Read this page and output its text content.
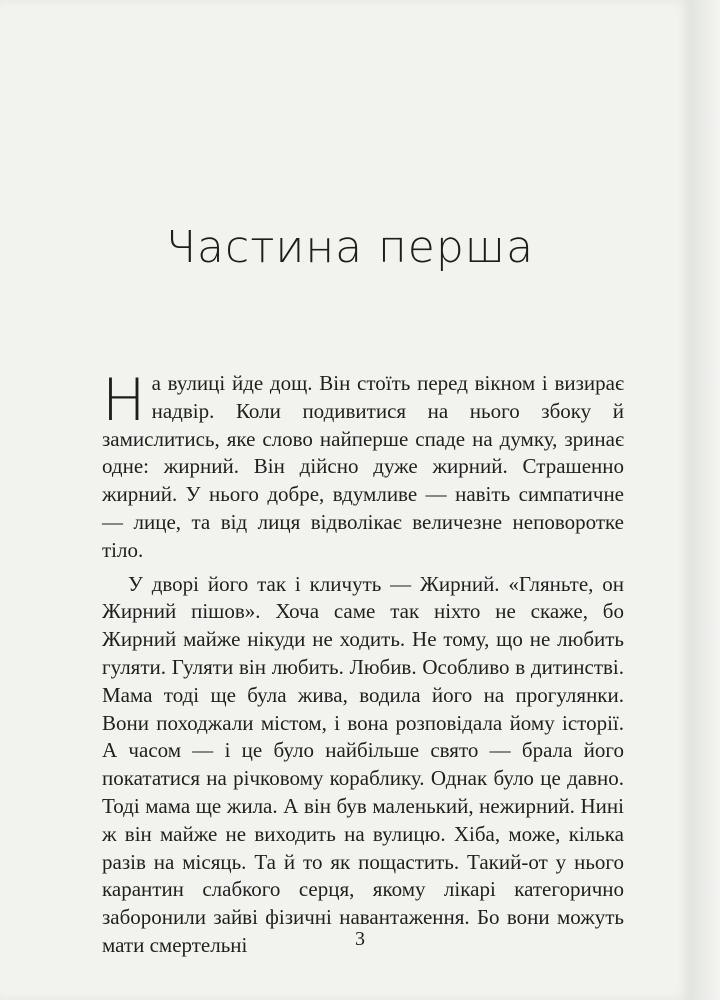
Частина перша

На вулиці йде дощ. Він стоїть перед вікном і визирає надвір. Коли подивитися на нього збоку й замислитись, яке слово найперше спаде на думку, зринає одне: жирний. Він дійсно дуже жирний. Страшенно жирний. У нього добре, вдумливе — навіть симпатичне — лице, та від лиця відволікає величезне неповоротке тіло.

У дворі його так і кличуть — Жирний. «Гляньте, он Жирний пішов». Хоча саме так ніхто не скаже, бо Жирний майже нікуди не ходить. Не тому, що не любить гуляти. Гуляти він любить. Любив. Особливо в дитинстві. Мама тоді ще була жива, водила його на прогулянки. Вони походжали містом, і вона розповідала йому історії. А часом — і це було найбільше свято — брала його покататися на річковому кораблику. Однак було це давно. Тоді мама ще жила. А він був маленький, нежирний. Нині ж він майже не виходить на вулицю. Хіба, може, кілька разів на місяць. Та й то як пощастить. Такий-от у нього карантин слабкого серця, якому лікарі категорично заборонили зайві фізичні навантаження. Бо вони можуть мати смертельні	3
